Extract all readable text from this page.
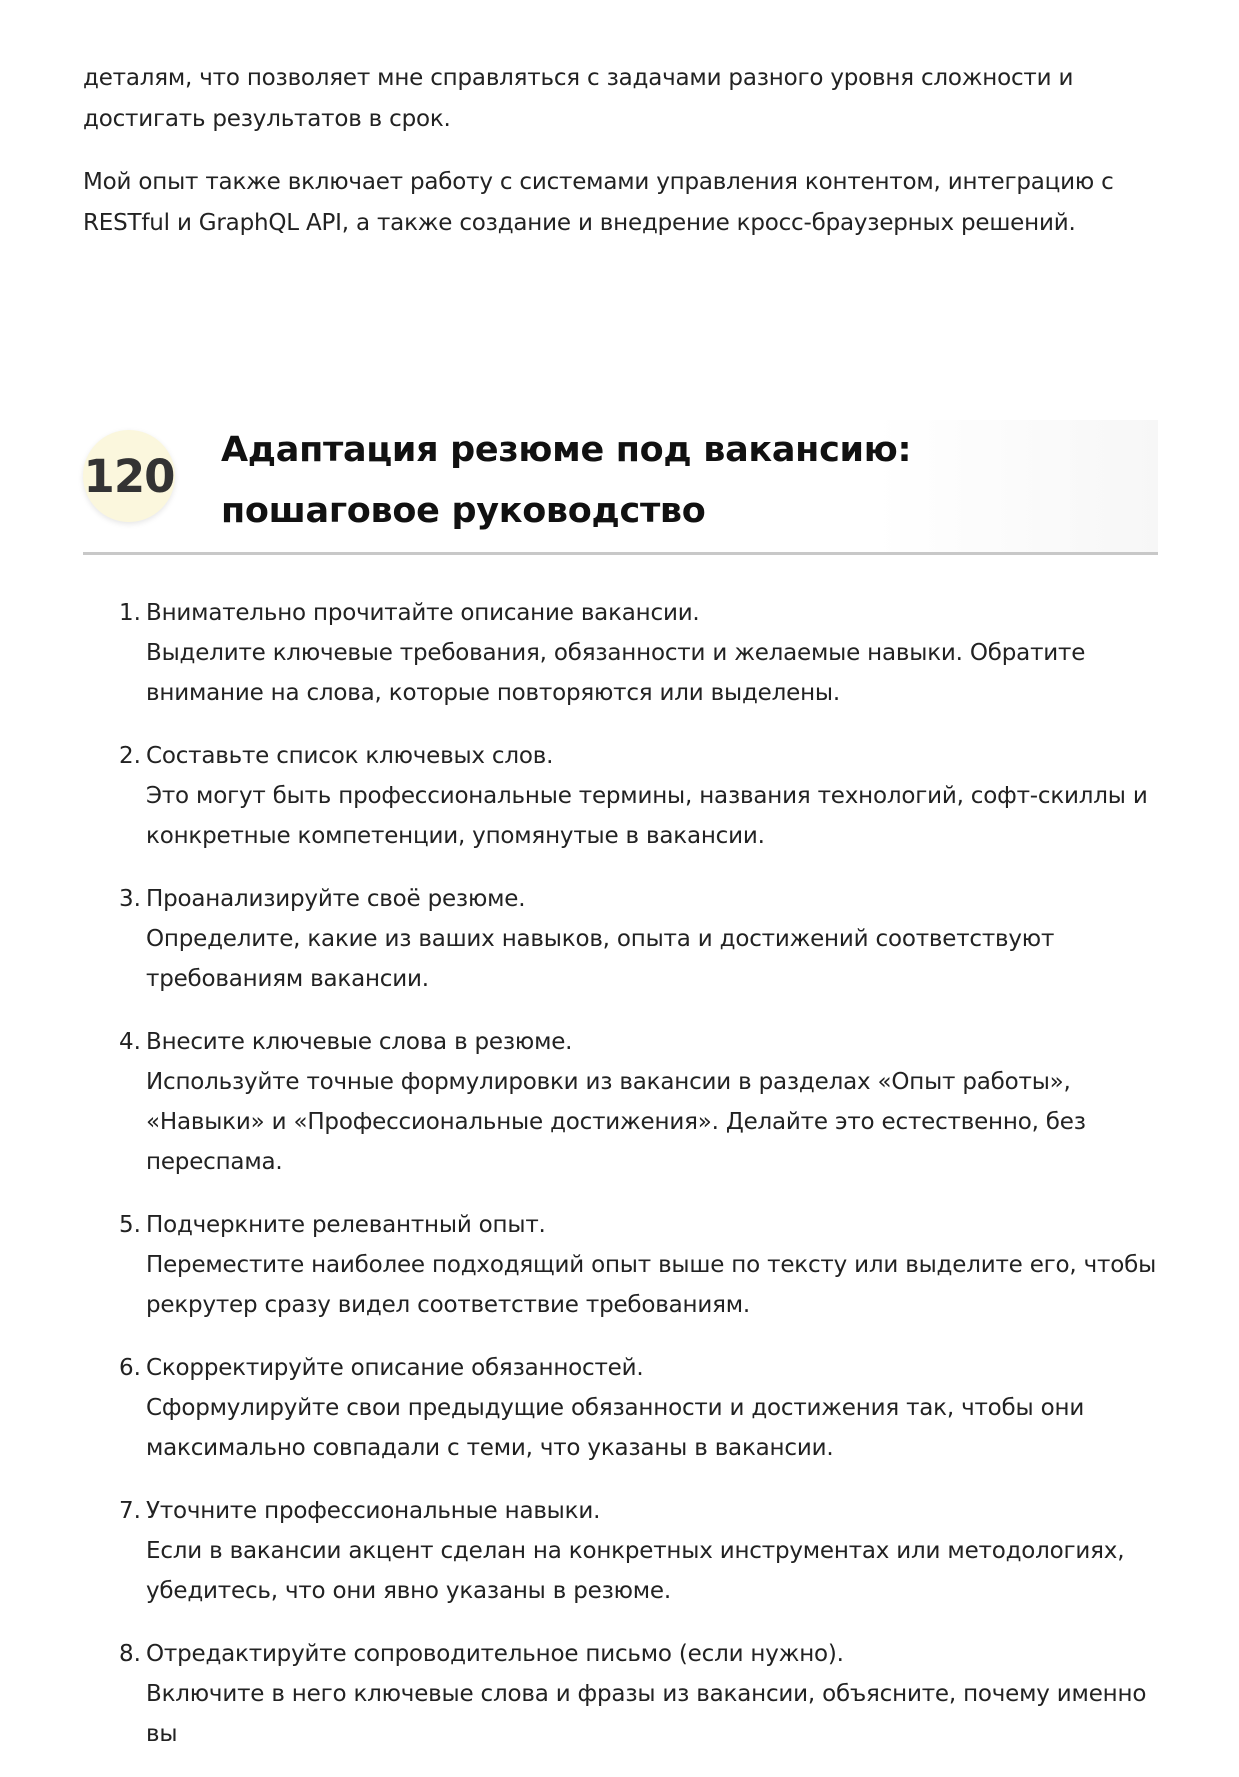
деталям, что позволяет мне справляться с задачами разного уровня сложности и достигать результатов в срок.

Мой опыт также включает работу с системами управления контентом, интеграцию с RESTful и GraphQL API, а также создание и внедрение кросс-браузерных решений.

120 Адаптация резюме под вакансию: пошаговое руководство
1. Внимательно прочитайте описание вакансии.
Выделите ключевые требования, обязанности и желаемые навыки. Обратите внимание на слова, которые повторяются или выделены.
2. Составьте список ключевых слов.
Это могут быть профессиональные термины, названия технологий, софт-скиллы и конкретные компетенции, упомянутые в вакансии.
3. Проанализируйте своё резюме.
Определите, какие из ваших навыков, опыта и достижений соответствуют требованиям вакансии.
4. Внесите ключевые слова в резюме.
Используйте точные формулировки из вакансии в разделах «Опыт работы», «Навыки» и «Профессиональные достижения». Делайте это естественно, без переспама.
5. Подчеркните релевантный опыт.
Переместите наиболее подходящий опыт выше по тексту или выделите его, чтобы рекрутер сразу видел соответствие требованиям.
6. Скорректируйте описание обязанностей.
Сформулируйте свои предыдущие обязанности и достижения так, чтобы они максимально совпадали с теми, что указаны в вакансии.
7. Уточните профессиональные навыки.
Если в вакансии акцент сделан на конкретных инструментах или методологиях, убедитесь, что они явно указаны в резюме.
8. Отредактируйте сопроводительное письмо (если нужно).
Включите в него ключевые слова и фразы из вакансии, объясните, почему именно вы
